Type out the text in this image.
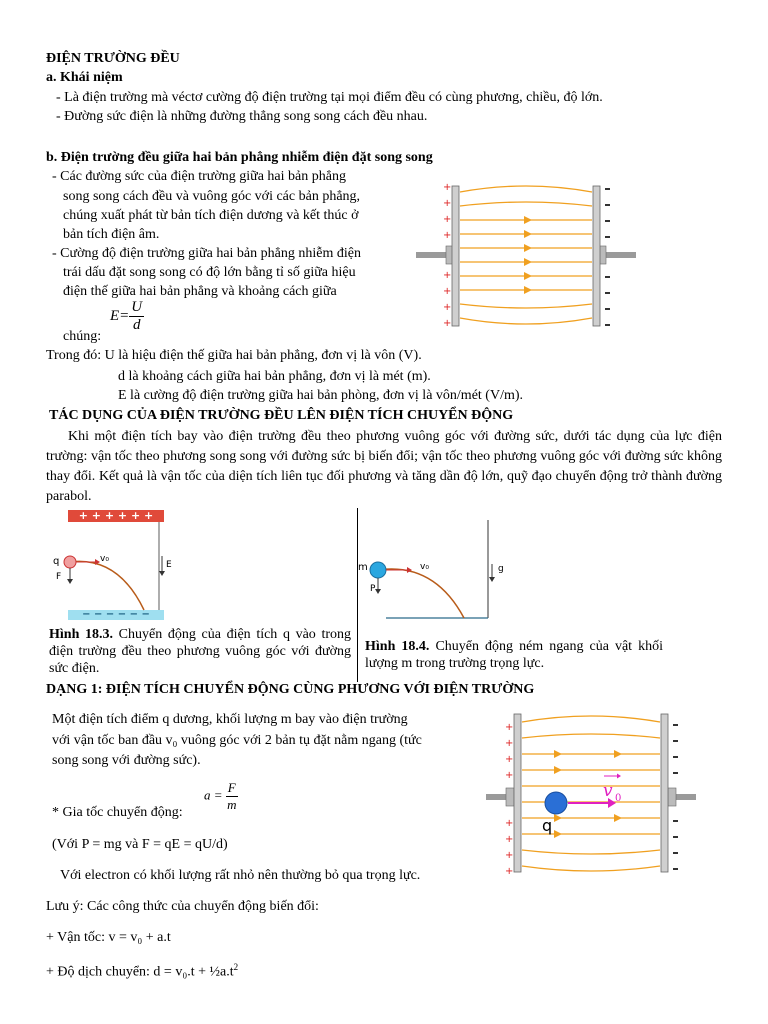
ĐIỆN TRƯỜNG ĐỀU
a. Khái niệm
- Là điện trường mà véctơ cường độ điện trường tại mọi điểm đều có cùng phương, chiều, độ lớn.
- Đường sức điện là những đường thẳng song song cách đều nhau.
b. Điện trường đều giữa hai bản phẳng nhiễm điện đặt song song
- Các đường sức của điện trường giữa hai bản phẳng
song song cách đều và vuông góc với các bản phẳng,
chúng xuất phát từ bản tích điện dương và kết thúc ở
bản tích điện âm.
- Cường độ điện trường giữa hai bản phẳng nhiễm điện
trái dấu đặt song song có độ lớn bằng tỉ số giữa hiệu
điện thế giữa hai bản phẳng và khoảng cách giữa
chúng:
$E= \frac{U}{d}$
Trong đó: U là hiệu điện thế giữa hai bản phẳng, đơn vị là vôn (V).
d là khoảng cách giữa hai bản phẳng, đơn vị là mét (m).
E là cường độ điện trường giữa hai bản phòng, đơn vị là vôn/mét (V/m).
+
+
+
+
+
+
+
+
TÁC DỤNG CỦA ĐIỆN TRƯỜNG ĐỀU LÊN ĐIỆN TÍCH CHUYỂN ĐỘNG
Khi một điện tích bay vào điện trường đều theo phương vuông góc với đường sức, dưới tác dụng của lực điện trường: vận tốc theo phương song song với đường sức bị biến đổi; vận tốc theo phương vuông góc với đường sức không thay đổi. Kết quả là vận tốc của diện tích liên tục đối phương và tăng dần độ lớn, quỹ đạo chuyển động trở thành đường parabol.
+ + + + + +
− − − − − −
q	v₀
F
E
Hình 18.3. Chuyển động của điện tích q vào trong điện trường đều theo phương vuông góc với đường sức điện.
m	v₀
P
g
Hình 18.4. Chuyển động ném ngang của vật khối lượng m trong trường trọng lực.
DẠNG 1: ĐIỆN TÍCH CHUYỂN ĐỘNG CÙNG PHƯƠNG VỚI ĐIỆN TRƯỜNG
Một điện tích điểm q dương, khối lượng m bay vào điện trường
với vận tốc ban đầu v₀ vuông góc với 2 bản tụ đặt nằm ngang (tức
song song với đường sức).
* Gia tốc chuyển động:
$a = \frac{F}{m}$
(Với P = mg và F = qE = qU/d)
Với electron có khối lượng rất nhỏ nên thường bỏ qua trọng lực.
Lưu ý: Các công thức của chuyển động biến đổi:
+ Vận tốc: v = v₀ + a.t
+ Độ dịch chuyển: $d = v_0.t + \frac{1}{2}a.t^2$
+
+
+
+
+
+
+
+
v 0
q
